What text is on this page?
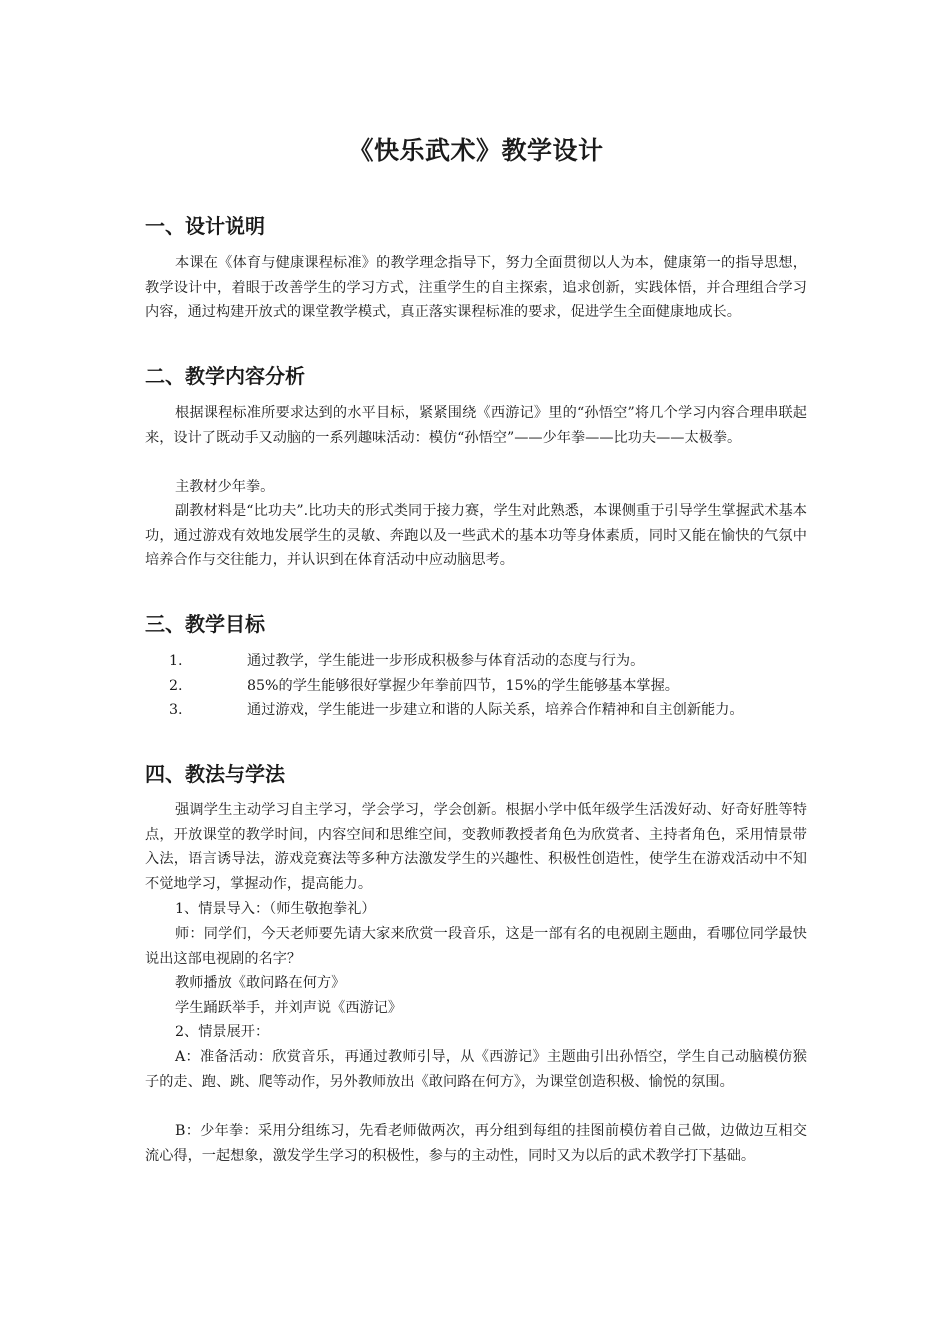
《快乐武术》教学设计
一、设计说明

本课在《体育与健康课程标准》的教学理念指导下，努力全面贯彻以人为本，健康第一的指导思想，教学设计中，着眼于改善学生的学习方式，注重学生的自主探索，追求创新，实践体悟，并合理组合学习内容，通过构建开放式的课堂教学模式，真正落实课程标准的要求，促进学生全面健康地成长。

二、教学内容分析

根据课程标准所要求达到的水平目标，紧紧围绕《西游记》里的“孙悟空”将几个学习内容合理串联起来，设计了既动手又动脑的一系列趣味活动：模仿“孙悟空”——少年拳——比功夫——太极拳。

主教材少年拳。

副教材料是“比功夫”.比功夫的形式类同于接力赛，学生对此熟悉，本课侧重于引导学生掌握武术基本功，通过游戏有效地发展学生的灵敏、奔跑以及一些武术的基本功等身体素质，同时又能在愉快的气氛中培养合作与交往能力，并认识到在体育活动中应动脑思考。

三、教学目标

1.	通过教学，学生能进一步形成积极参与体育活动的态度与行为。

2.	85%的学生能够很好掌握少年拳前四节，15%的学生能够基本掌握。

3.	通过游戏，学生能进一步建立和谐的人际关系，培养合作精神和自主创新能力。

四、教法与学法

强调学生主动学习自主学习，学会学习，学会创新。根据小学中低年级学生活泼好动、好奇好胜等特点，开放课堂的教学时间，内容空间和思维空间，变教师教授者角色为欣赏者、主持者角色，采用情景带入法，语言诱导法，游戏竞赛法等多种方法激发学生的兴趣性、积极性创造性，使学生在游戏活动中不知不觉地学习，掌握动作，提高能力。

1、情景导入：（师生敬抱拳礼）

师：同学们，今天老师要先请大家来欣赏一段音乐，这是一部有名的电视剧主题曲，看哪位同学最快说出这部电视剧的名字？

教师播放《敢问路在何方》

学生踊跃举手，并刘声说《西游记》

2、情景展开：

A：准备活动：欣赏音乐，再通过教师引导，从《西游记》主题曲引出孙悟空，学生自己动脑模仿猴子的走、跑、跳、爬等动作，另外教师放出《敢问路在何方》，为课堂创造积极、愉悦的氛围。

B：少年拳：采用分组练习，先看老师做两次，再分组到每组的挂图前模仿着自己做，边做边互相交流心得，一起想象，激发学生学习的积极性，参与的主动性，同时又为以后的武术教学打下基础。
